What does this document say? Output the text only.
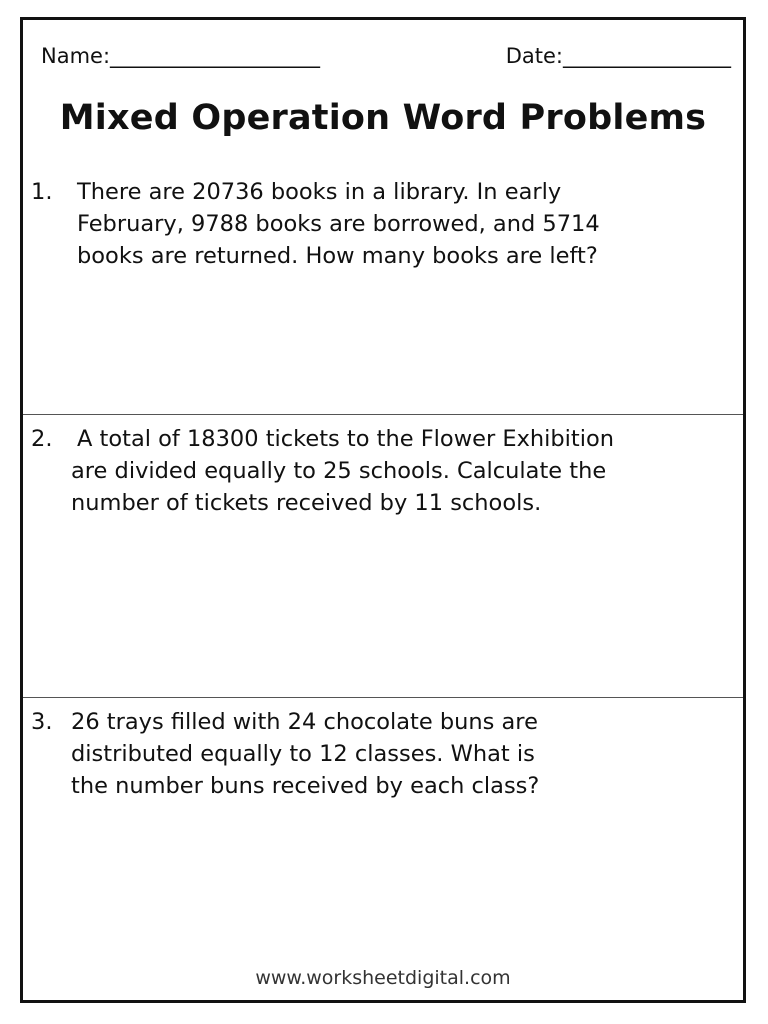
Name:____________________	Date:________________
Mixed Operation Word Problems
1. There are 20736 books in a library. In early
February, 9788 books are borrowed, and 5714
books are returned. How many books are left?
2. A total of 18300 tickets to the Flower Exhibition
are divided equally to 25 schools. Calculate the
number of tickets received by 11 schools.
3. 26 trays filled with 24 chocolate buns are
distributed equally to 12 classes. What is
the number buns received by each class?
www.worksheetdigital.com
